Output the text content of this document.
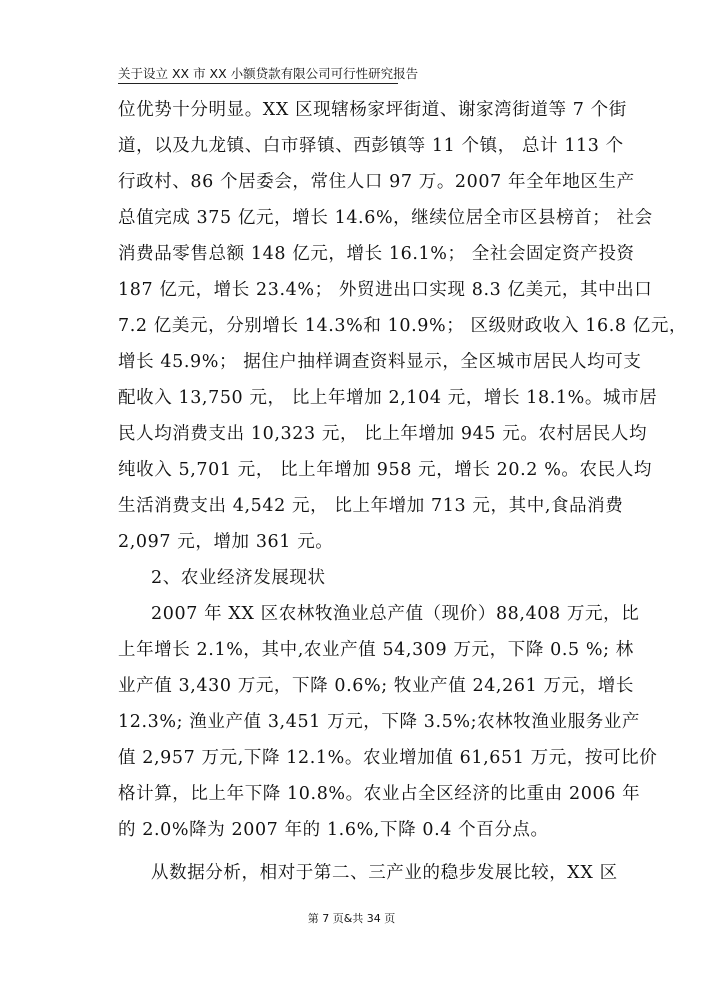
关于设立 XX 市 XX 小额贷款有限公司可行性研究报告
位优势十分明显。XX 区现辖杨家坪街道、谢家湾街道等 7 个街
道，以及九龙镇、白市驿镇、西彭镇等 11 个镇， 总计 113 个
行政村、86 个居委会，常住人口 97 万。2007 年全年地区生产
总值完成 375 亿元，增长 14.6%，继续位居全市区县榜首； 社会
消费品零售总额 148 亿元，增长 16.1%； 全社会固定资产投资
187 亿元，增长 23.4%； 外贸进出口实现 8.3 亿美元，其中出口
7.2 亿美元，分别增长 14.3%和 10.9%； 区级财政收入 16.8 亿元，
增长 45.9%； 据住户抽样调查资料显示，全区城市居民人均可支
配收入 13,750 元， 比上年增加 2,104 元，增长 18.1%。城市居
民人均消费支出 10,323 元， 比上年增加 945 元。农村居民人均
纯收入 5,701 元， 比上年增加 958 元，增长 20.2 %。农民人均
生活消费支出 4,542 元， 比上年增加 713 元，其中,食品消费
2,097 元，增加 361 元。
2、农业经济发展现状
2007 年 XX 区农林牧渔业总产值（现价）88,408 万元，比
上年增长 2.1%，其中,农业产值 54,309 万元，下降 0.5 %; 林
业产值 3,430 万元，下降 0.6%; 牧业产值 24,261 万元，增长
12.3%; 渔业产值 3,451 万元，下降 3.5%;农林牧渔业服务业产
值 2,957 万元,下降 12.1%。农业增加值 61,651 万元，按可比价
格计算，比上年下降 10.8%。农业占全区经济的比重由 2006 年
的 2.0%降为 2007 年的 1.6%,下降 0.4 个百分点。
从数据分析，相对于第二、三产业的稳步发展比较，XX 区
第 7 页&共 34 页
